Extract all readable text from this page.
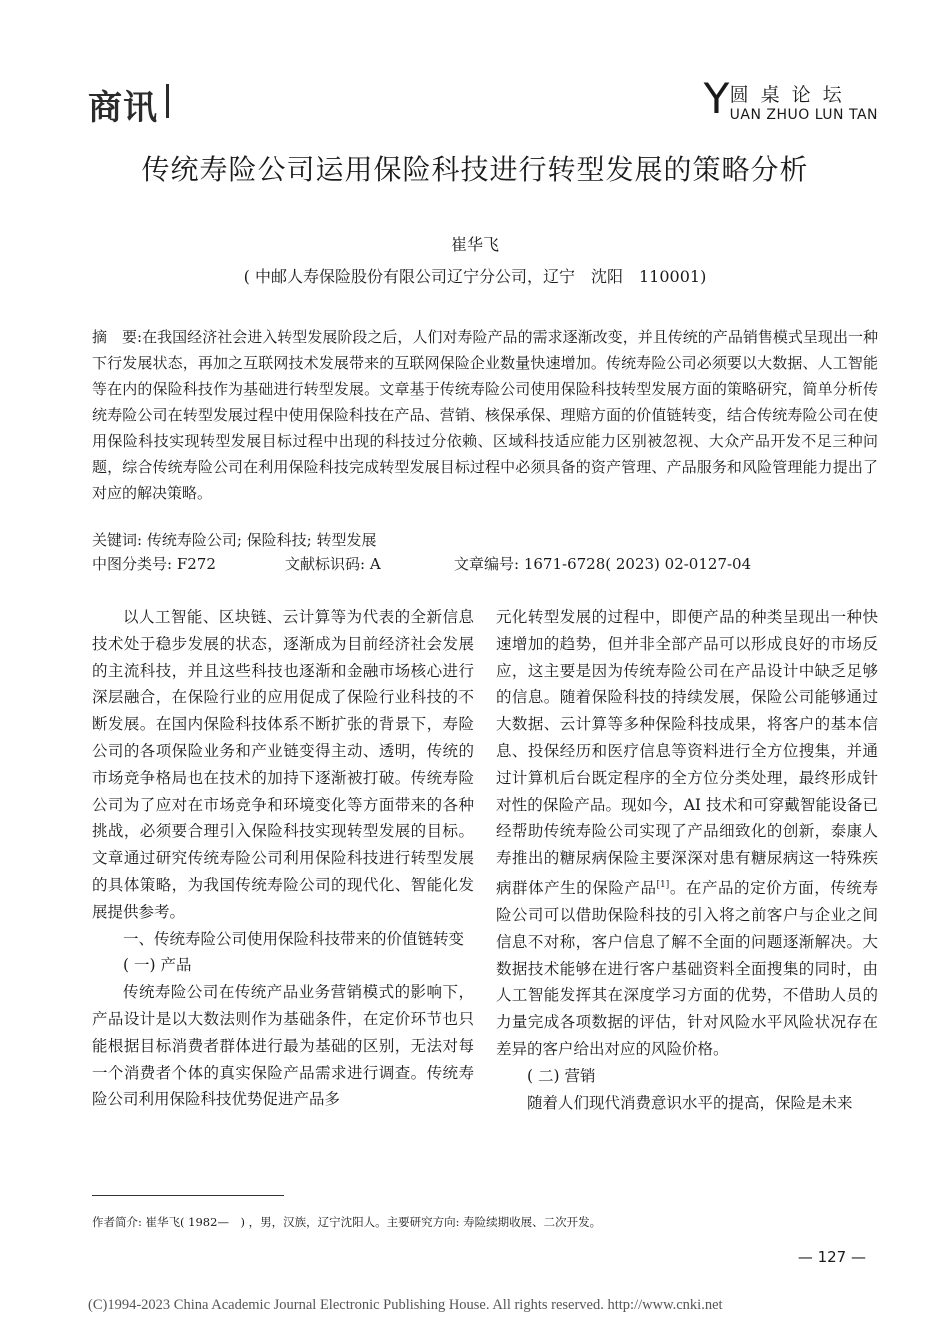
商讯	Y 圆桌论坛
UAN ZHUO LUN TAN
传统寿险公司运用保险科技进行转型发展的策略分析
崔华飞
( 中邮人寿保险股份有限公司辽宁分公司，辽宁　沈阳　110001)
摘　要:在我国经济社会进入转型发展阶段之后，人们对寿险产品的需求逐渐改变，并且传统的产品销售模式呈现出一种下行发展状态，再加之互联网技术发展带来的互联网保险企业数量快速增加。传统寿险公司必须要以大数据、人工智能等在内的保险科技作为基础进行转型发展。文章基于传统寿险公司使用保险科技转型发展方面的策略研究，简单分析传统寿险公司在转型发展过程中使用保险科技在产品、营销、核保承保、理赔方面的价值链转变，结合传统寿险公司在使用保险科技实现转型发展目标过程中出现的科技过分依赖、区域科技适应能力区别被忽视、大众产品开发不足三种问题，综合传统寿险公司在利用保险科技完成转型发展目标过程中必须具备的资产管理、产品服务和风险管理能力提出了对应的解决策略。
关键词: 传统寿险公司; 保险科技; 转型发展
中图分类号: F272	文献标识码: A	文章编号: 1671-6728( 2023) 02-0127-04

以人工智能、区块链、云计算等为代表的全新信息技术处于稳步发展的状态，逐渐成为目前经济社会发展的主流科技，并且这些科技也逐渐和金融市场核心进行深层融合，在保险行业的应用促成了保险行业科技的不断发展。在国内保险科技体系不断扩张的背景下，寿险公司的各项保险业务和产业链变得主动、透明，传统的市场竞争格局也在技术的加持下逐渐被打破。传统寿险公司为了应对在市场竞争和环境变化等方面带来的各种挑战，必须要合理引入保险科技实现转型发展的目标。文章通过研究传统寿险公司利用保险科技进行转型发展的具体策略，为我国传统寿险公司的现代化、智能化发展提供参考。

一、传统寿险公司使用保险科技带来的价值链转变

( 一) 产品

传统寿险公司在传统产品业务营销模式的影响下，产品设计是以大数法则作为基础条件，在定价环节也只能根据目标消费者群体进行最为基础的区别，无法对每一个消费者个体的真实保险产品需求进行调查。传统寿险公司利用保险科技优势促进产品多

元化转型发展的过程中，即便产品的种类呈现出一种快速增加的趋势，但并非全部产品可以形成良好的市场反应，这主要是因为传统寿险公司在产品设计中缺乏足够的信息。随着保险科技的持续发展，保险公司能够通过大数据、云计算等多种保险科技成果，将客户的基本信息、投保经历和医疗信息等资料进行全方位搜集，并通过计算机后台既定程序的全方位分类处理，最终形成针对性的保险产品。现如今，AI 技术和可穿戴智能设备已经帮助传统寿险公司实现了产品细致化的创新，泰康人寿推出的糖尿病保险主要深深对患有糖尿病这一特殊疾病群体产生的保险产品[1]。在产品的定价方面，传统寿险公司可以借助保险科技的引入将之前客户与企业之间信息不对称，客户信息了解不全面的问题逐渐解决。大数据技术能够在进行客户基础资料全面搜集的同时，由人工智能发挥其在深度学习方面的优势，不借助人员的力量完成各项数据的评估，针对风险水平风险状况存在差异的客户给出对应的风险价格。

( 二) 营销

随着人们现代消费意识水平的提高，保险是未来

作者简介: 崔华飞( 1982—　) ，男，汉族，辽宁沈阳人。主要研究方向: 寿险续期收展、二次开发。
— 127 —
(C)1994-2023 China Academic Journal Electronic Publishing House. All rights reserved. http://www.cnki.net
